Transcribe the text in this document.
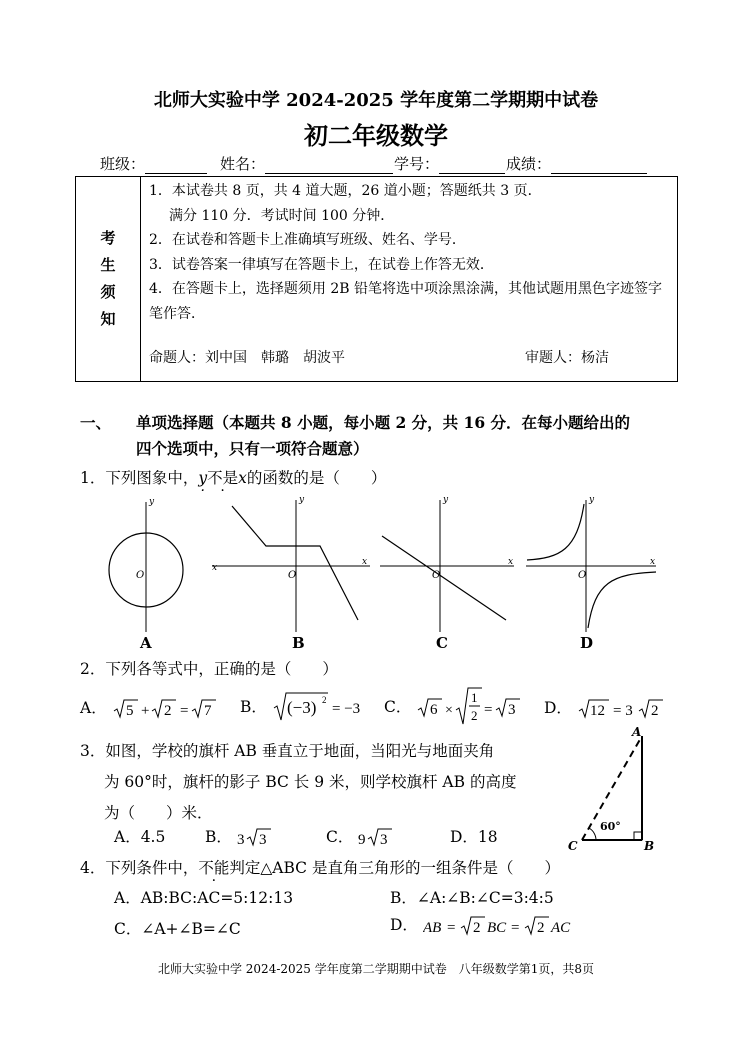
北师大实验中学 2024-2025 学年度第二学期期中试卷
初二年级数学
班级：	姓名：	学号：	成绩：
考
生
须
知

1．本试卷共 8 页，共 4 道大题，26 道小题；答题纸共 3 页．
满分 110 分．考试时间 100 分钟．
2．在试卷和答题卡上准确填写班级、姓名、学号．
3．试卷答案一律填写在答题卡上，在试卷上作答无效．
4．在答题卡上，选择题须用 2B 铅笔将选中项涂黑涂满，其他试题用黑色字迹签字笔作答．
命题人：刘中国　韩璐　胡波平	审题人：杨洁
一、 单项选择题（本题共 8 小题，每小题 2 分，共 16 分．在每小题给出的
四个选项中，只有一项符合题意）
1．下列图象中，y ·不是x的函数的是（　　）
y
O
x
x
y
O
x
y
O
x
y
O
A	B	C	D
2．下列各等式中，正确的是（　　）
A． 5 + 2 = 7 B． (−3) 2
= −3 C． 6 ×
1
2 = 3 D． 12 = 3 2
3．如图，学校的旗杆 AB 垂直立于地面，当阳光与地面夹角
为 60°时，旗杆的影子 BC 长 9 米，则学校旗杆 AB 的高度
为（　　）米．
A．4.5	B． 3 3	C． 9 3	D．18
A
B
C
60°
4．下列条件中，不能判定△ABC 是直角三角形的一组条件是（　　）
A．AB:BC:AC=5:12:13	B．∠A:∠B:∠C=3:4:5
C．∠A+∠B=∠C	D． AB = 2 BC = 2 AC
北师大实验中学 2024-2025 学年度第二学期期中试卷　八年级数学第1页，共8页
